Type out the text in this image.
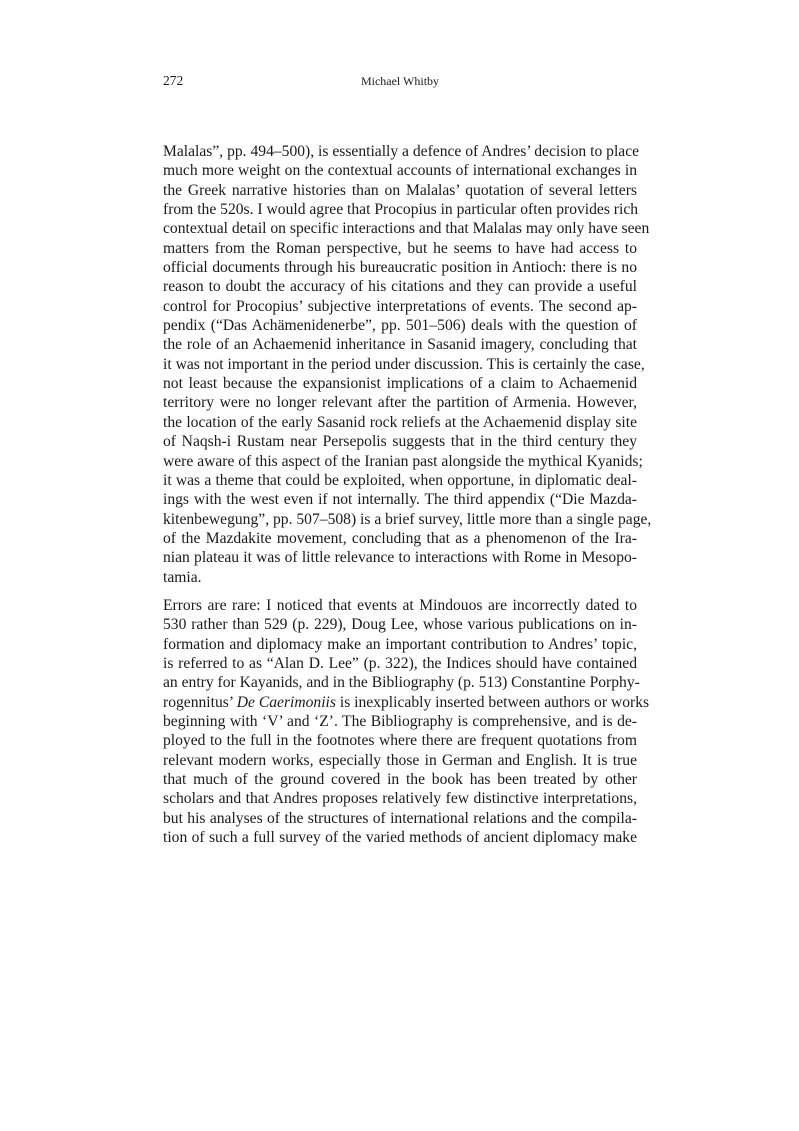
272	Michael Whitby
Malalas”, pp. 494–500), is essentially a defence of Andres’ decision to place
much more weight on the contextual accounts of international exchanges in
the Greek narrative histories than on Malalas’ quotation of several letters
from the 520s. I would agree that Procopius in particular often provides rich
contextual detail on specific interactions and that Malalas may only have seen
matters from the Roman perspective, but he seems to have had access to
official documents through his bureaucratic position in Antioch: there is no
reason to doubt the accuracy of his citations and they can provide a useful
control for Procopius’ subjective interpretations of events. The second ap-
pendix (“Das Achämenidenerbe”, pp. 501–506) deals with the question of
the role of an Achaemenid inheritance in Sasanid imagery, concluding that
it was not important in the period under discussion. This is certainly the case,
not least because the expansionist implications of a claim to Achaemenid
territory were no longer relevant after the partition of Armenia. However,
the location of the early Sasanid rock reliefs at the Achaemenid display site
of Naqsh-i Rustam near Persepolis suggests that in the third century they
were aware of this aspect of the Iranian past alongside the mythical Kyanids;
it was a theme that could be exploited, when opportune, in diplomatic deal-
ings with the west even if not internally. The third appendix (“Die Mazda-
kitenbewegung”, pp. 507–508) is a brief survey, little more than a single page,
of the Mazdakite movement, concluding that as a phenomenon of the Ira-
nian plateau it was of little relevance to interactions with Rome in Mesopo-
tamia.
Errors are rare: I noticed that events at Mindouos are incorrectly dated to
530 rather than 529 (p. 229), Doug Lee, whose various publications on in-
formation and diplomacy make an important contribution to Andres’ topic,
is referred to as “Alan D. Lee” (p. 322), the Indices should have contained
an entry for Kayanids, and in the Bibliography (p. 513) Constantine Porphy-
rogennitus’ De Caerimoniis is inexplicably inserted between authors or works
beginning with ‘V’ and ‘Z’. The Bibliography is comprehensive, and is de-
ployed to the full in the footnotes where there are frequent quotations from
relevant modern works, especially those in German and English. It is true
that much of the ground covered in the book has been treated by other
scholars and that Andres proposes relatively few distinctive interpretations,
but his analyses of the structures of international relations and the compila-
tion of such a full survey of the varied methods of ancient diplomacy make
